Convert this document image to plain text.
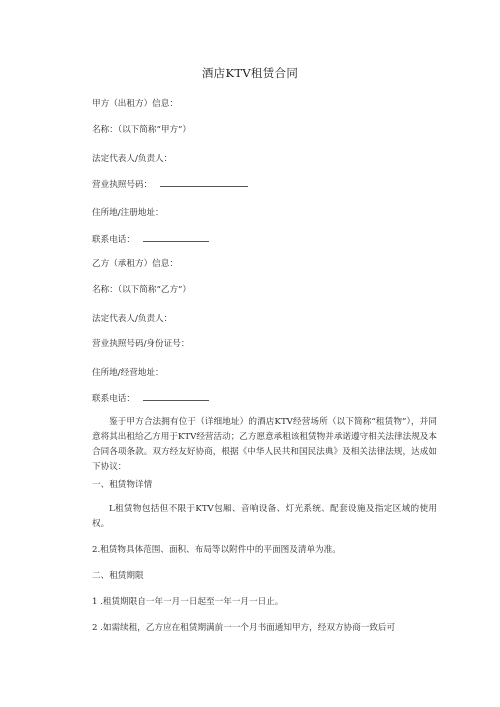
酒店KTV租赁合同
甲方（出租方）信息：
名称：（以下简称“甲方”）
法定代表人/负责人：
营业执照号码：
住所地/注册地址：
联系电话：
乙方（承租方）信息：
名称：（以下简称“乙方”）
法定代表人/负责人：
营业执照号码/身份证号：
住所地/经营地址：
联系电话：
鉴于甲方合法拥有位于（详细地址）的酒店KTV经营场所（以下简称“租赁物”），并同意将其出租给乙方用于KTV经营活动；乙方愿意承租该租赁物并承诺遵守相关法律法规及本合同各项条款。双方经友好协商，根据《中华人民共和国民法典》及相关法律法规，达成如下协议：
一、租赁物详情
L租赁物包括但不限于KTV包厢、音响设备、灯光系统、配套设施及指定区域的使用权。
2.租赁物具体范围、面积、布局等以附件中的平面图及清单为准。
二、租赁期限
1 .租赁期限自一年一月一日起至一年一月一日止。
2 .如需续租，乙方应在租赁期满前一一个月书面通知甲方，经双方协商一致后可
